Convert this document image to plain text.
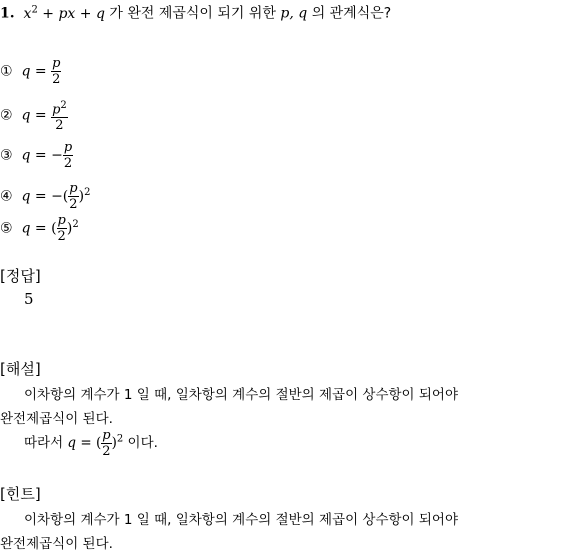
1. $x^2$ + px + q 가 완전 제곱식이 되기 위한 p, q 의 관계식은?
① $q = \frac{p}{2}$
② $q = \frac{p^2}{2}$
③ q = − $\frac{p}{2}$
④ q = −( $\frac{p}{2} )^2$
⑤ q = ( $\frac{p}{2} )^2$
[정답]
5
[해설]
이차항의 계수가 1 일 때, 일차항의 계수의 절반의 제곱이 상수항이 되어야
완전제곱식이 된다.
따라서 q = ( $\frac{p}{2} )^2$ 이다.
[힌트]
이차항의 계수가 1 일 때, 일차항의 계수의 절반의 제곱이 상수항이 되어야
완전제곱식이 된다.
